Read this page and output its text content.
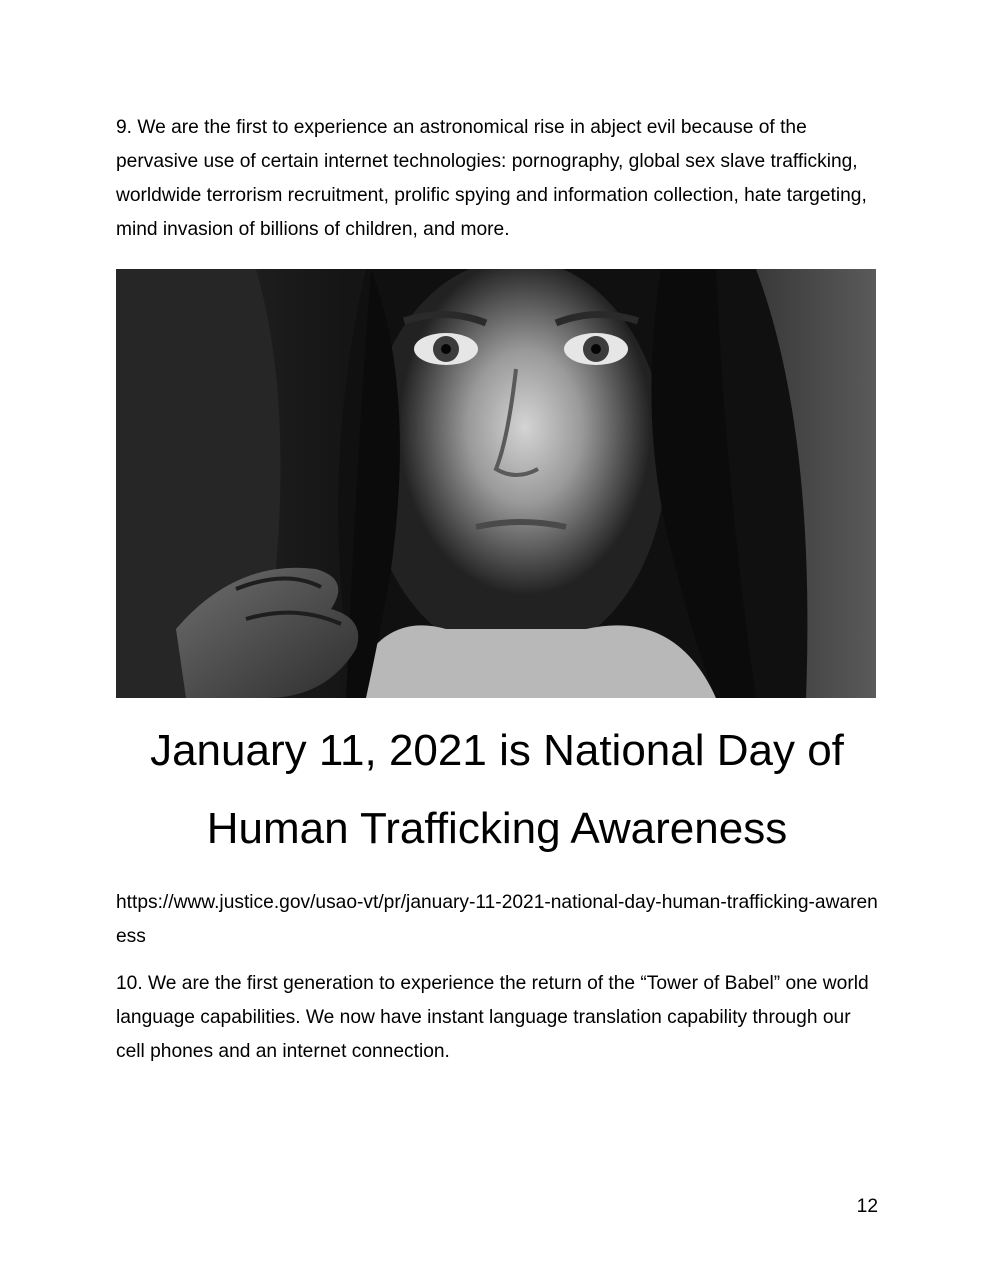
9. We are the first to experience an astronomical rise in abject evil because of the pervasive use of certain internet technologies: pornography, global sex slave trafficking, worldwide terrorism recruitment, prolific spying and information collection, hate targeting, mind invasion of billions of children, and more.

January 11, 2021 is National Day of
Human Trafficking Awareness

https://www.justice.gov/usao-vt/pr/january-11-2021-national-day-human-trafficking-awareness

10. We are the first generation to experience the return of the “Tower of Babel” one world language capabilities. We now have instant language translation capability through our cell phones and an internet connection.

12
